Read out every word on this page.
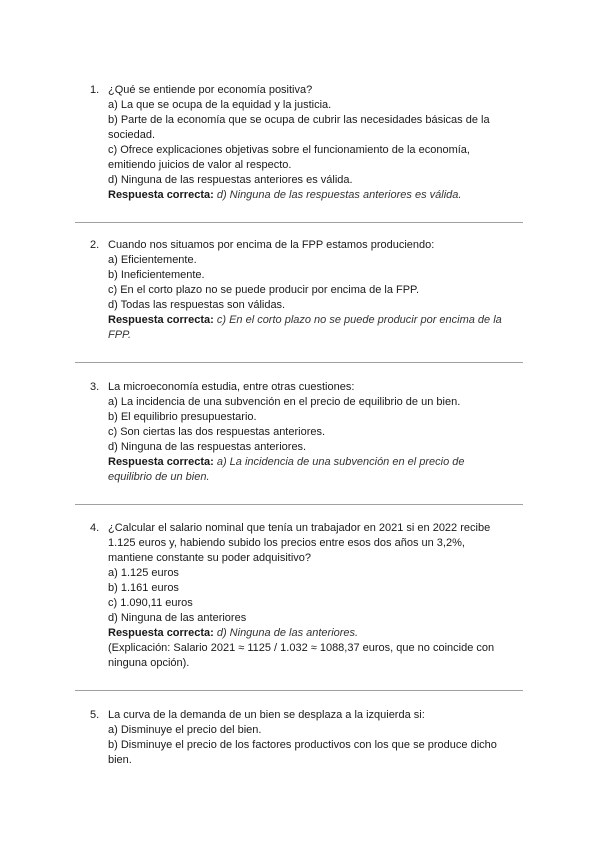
1. ¿Qué se entiende por economía positiva?
a) La que se ocupa de la equidad y la justicia.
b) Parte de la economía que se ocupa de cubrir las necesidades básicas de la sociedad.
c) Ofrece explicaciones objetivas sobre el funcionamiento de la economía, emitiendo juicios de valor al respecto.
d) Ninguna de las respuestas anteriores es válida.
Respuesta correcta: d) Ninguna de las respuestas anteriores es válida.
2. Cuando nos situamos por encima de la FPP estamos produciendo:
a) Eficientemente.
b) Ineficientemente.
c) En el corto plazo no se puede producir por encima de la FPP.
d) Todas las respuestas son válidas.
Respuesta correcta: c) En el corto plazo no se puede producir por encima de la FPP.
3. La microeconomía estudia, entre otras cuestiones:
a) La incidencia de una subvención en el precio de equilibrio de un bien.
b) El equilibrio presupuestario.
c) Son ciertas las dos respuestas anteriores.
d) Ninguna de las respuestas anteriores.
Respuesta correcta: a) La incidencia de una subvención en el precio de equilibrio de un bien.
4. ¿Calcular el salario nominal que tenía un trabajador en 2021 si en 2022 recibe 1.125 euros y, habiendo subido los precios entre esos dos años un 3,2%, mantiene constante su poder adquisitivo?
a) 1.125 euros
b) 1.161 euros
c) 1.090,11 euros
d) Ninguna de las anteriores
Respuesta correcta: d) Ninguna de las anteriores.
(Explicación: Salario 2021 ≈ 1125 / 1.032 ≈ 1088,37 euros, que no coincide con ninguna opción).
5. La curva de la demanda de un bien se desplaza a la izquierda si:
a) Disminuye el precio del bien.
b) Disminuye el precio de los factores productivos con los que se produce dicho bien.
